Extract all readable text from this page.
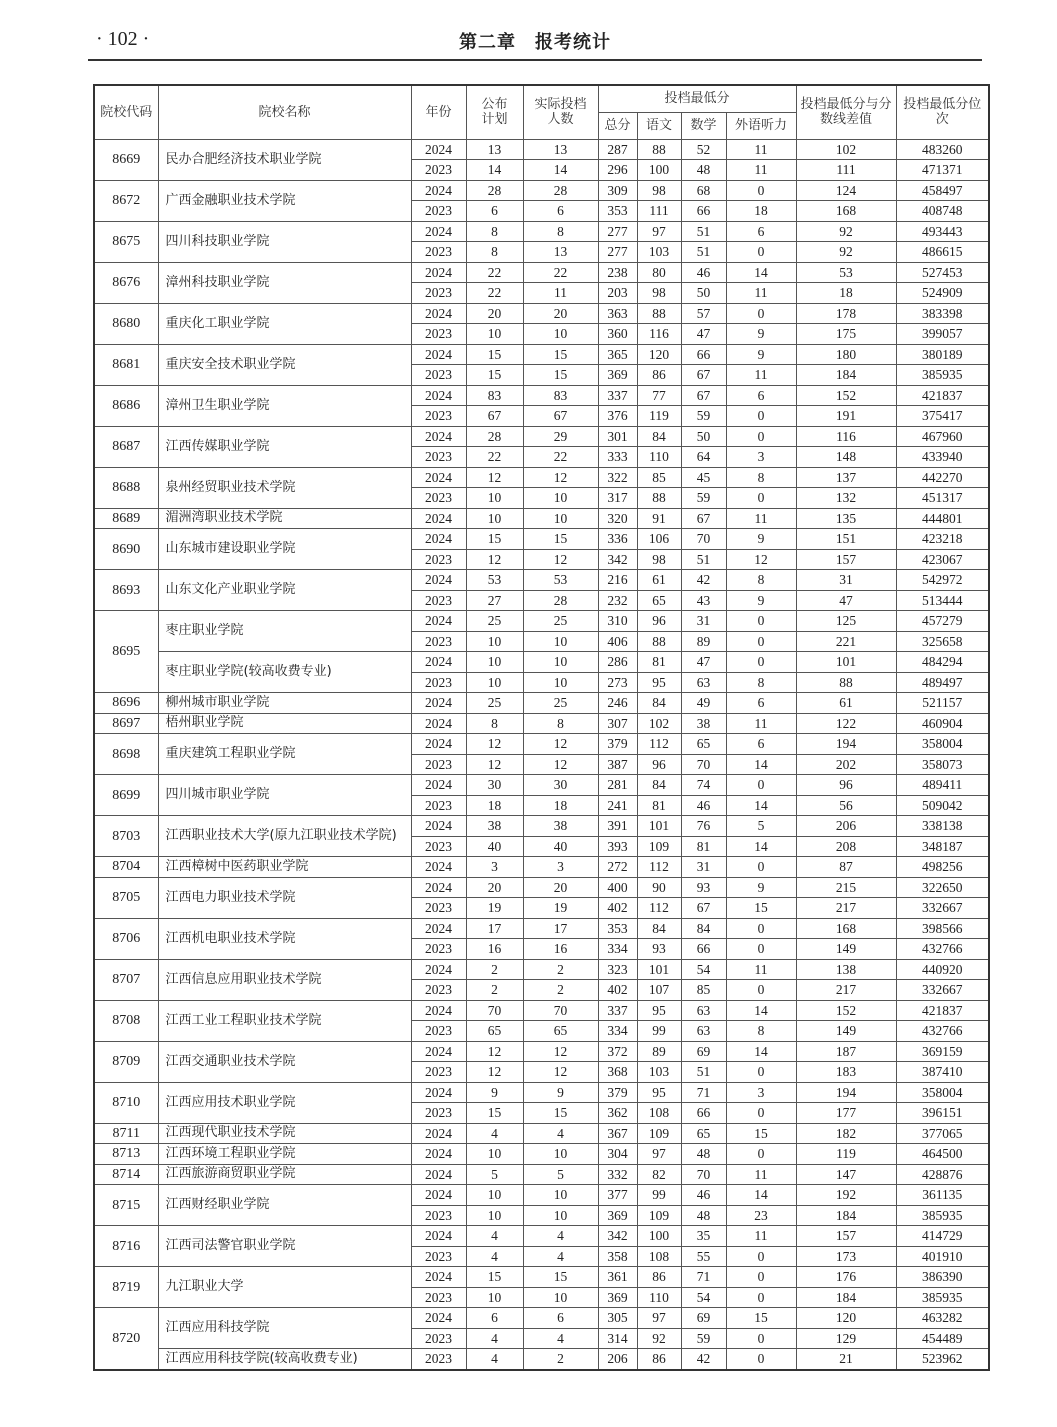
· 102 ·	第二章　报考统计
院校代码	院校名称	年份	公布计划	实际投档人数	投档最低分				投档最低分与分数线差值	投档最低分位次
					总分	语文	数学	外语听力		
8669	民办合肥经济技术职业学院	2024	13	13	287	88	52	11	102	483260
		2023	14	14	296	100	48	11	111	471371
8672	广西金融职业技术学院	2024	28	28	309	98	68	0	124	458497
		2023	6	6	353	111	66	18	168	408748
8675	四川科技职业学院	2024	8	8	277	97	51	6	92	493443
		2023	8	13	277	103	51	0	92	486615
8676	漳州科技职业学院	2024	22	22	238	80	46	14	53	527453
		2023	22	11	203	98	50	11	18	524909
8680	重庆化工职业学院	2024	20	20	363	88	57	0	178	383398
		2023	10	10	360	116	47	9	175	399057
8681	重庆安全技术职业学院	2024	15	15	365	120	66	9	180	380189
		2023	15	15	369	86	67	11	184	385935
8686	漳州卫生职业学院	2024	83	83	337	77	67	6	152	421837
		2023	67	67	376	119	59	0	191	375417
8687	江西传媒职业学院	2024	28	29	301	84	50	0	116	467960
		2023	22	22	333	110	64	3	148	433940
8688	泉州经贸职业技术学院	2024	12	12	322	85	45	8	137	442270
		2023	10	10	317	88	59	0	132	451317
8689	湄洲湾职业技术学院	2024	10	10	320	91	67	11	135	444801
8690	山东城市建设职业学院	2024	15	15	336	106	70	9	151	423218
		2023	12	12	342	98	51	12	157	423067
8693	山东文化产业职业学院	2024	53	53	216	61	42	8	31	542972
		2023	27	28	232	65	43	9	47	513444
8695	枣庄职业学院	2024	25	25	310	96	31	0	125	457279
		2023	10	10	406	88	89	0	221	325658
	枣庄职业学院(较高收费专业)	2024	10	10	286	81	47	0	101	484294
		2023	10	10	273	95	63	8	88	489497
8696	柳州城市职业学院	2024	25	25	246	84	49	6	61	521157
8697	梧州职业学院	2024	8	8	307	102	38	11	122	460904
8698	重庆建筑工程职业学院	2024	12	12	379	112	65	6	194	358004
		2023	12	12	387	96	70	14	202	358073
8699	四川城市职业学院	2024	30	30	281	84	74	0	96	489411
		2023	18	18	241	81	46	14	56	509042
8703	江西职业技术大学(原九江职业技术学院)	2024	38	38	391	101	76	5	206	338138
		2023	40	40	393	109	81	14	208	348187
8704	江西樟树中医药职业学院	2024	3	3	272	112	31	0	87	498256
8705	江西电力职业技术学院	2024	20	20	400	90	93	9	215	322650
		2023	19	19	402	112	67	15	217	332667
8706	江西机电职业技术学院	2024	17	17	353	84	84	0	168	398566
		2023	16	16	334	93	66	0	149	432766
8707	江西信息应用职业技术学院	2024	2	2	323	101	54	11	138	440920
		2023	2	2	402	107	85	0	217	332667
8708	江西工业工程职业技术学院	2024	70	70	337	95	63	14	152	421837
		2023	65	65	334	99	63	8	149	432766
8709	江西交通职业技术学院	2024	12	12	372	89	69	14	187	369159
		2023	12	12	368	103	51	0	183	387410
8710	江西应用技术职业学院	2024	9	9	379	95	71	3	194	358004
		2023	15	15	362	108	66	0	177	396151
8711	江西现代职业技术学院	2024	4	4	367	109	65	15	182	377065
8713	江西环境工程职业学院	2024	10	10	304	97	48	0	119	464500
8714	江西旅游商贸职业学院	2024	5	5	332	82	70	11	147	428876
8715	江西财经职业学院	2024	10	10	377	99	46	14	192	361135
		2023	10	10	369	109	48	23	184	385935
8716	江西司法警官职业学院	2024	4	4	342	100	35	11	157	414729
		2023	4	4	358	108	55	0	173	401910
8719	九江职业大学	2024	15	15	361	86	71	0	176	386390
		2023	10	10	369	110	54	0	184	385935
8720	江西应用科技学院	2024	6	6	305	97	69	15	120	463282
		2023	4	4	314	92	59	0	129	454489
	江西应用科技学院(较高收费专业)	2023	4	2	206	86	42	0	21	523962
